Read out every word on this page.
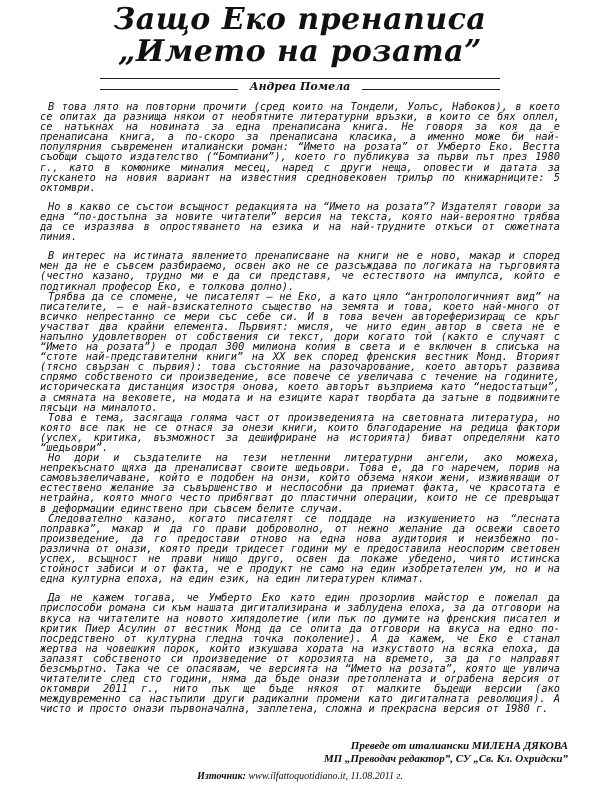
Защо Еко пренаписа
„Името на розата”
Андреа Помела

В това лято на повторни прочити (сред които на Тондели, Уолъс, Набоков), в което се опитах да разнища някои от необятните литературни връзки, в които се бях оплел, се натъкнах на новината за една пренаписана книга. Не говоря за коя да е пренаписана книга, а по-скоро за пренаписана класика, а именно може би най-популярния съвременен италиански роман: “Името на розата” от Умберто Еко. Вестта съобщи същото издателство (“Бомпиани”), което го публикува за първи път през 1980 г., като в комюнике миналия месец, наред с други неща, оповести и датата за пускането на новия вариант на известния средновековен трилър по книжарниците: 5 октомври.

Но в какво се състои всъщност редакцията на “Името на розата”? Издателят говори за една “по-достъпна за новите читатели” версия на текста, която най-вероятно трябва да се изразява в опростяването на езика и на най-трудните откъси от сюжетната линия.

В интерес на истината явлението пренаписване на книги не е ново, макар и според мен да не е съвсем разбираемо, освен ако не се разсъждава по логиката на търговията (честно казано, трудно ми е да си представя, че естеството на импулса, който е подтикнал професор Еко, е толкова долно).

Трябва да се спомене, че писателят – не Еко, а като цяло “антропологичният вид” на писателите, – е най-взискателното същество на земята и това, което най-много от всичко непрестанно се мери със себе си. И в това вечен автореферизиращ се кръг участват два крайни елемента. Първият: мисля, че нито един автор в света не е напълно удовлетворен от собствения си текст, дори когато той (както е случаят с “Името на розата”) е продал 300 милиона копия в света и е включен в списъка на “стоте най-представителни книги” на XX век според френския вестник Монд. Вторият (тясно свързан с първия): това състояние на разочарование, което авторът развива спрямо собственото си произведение, все повече се увеличава с течение на годините, историческата дистанция изостря онова, което авторът възприема като “недостатъци”, а смяната на вековете, на модата и на езиците карат творбата да затъне в подвижните пясъци на миналото.

Това е тема, засягаща голяма част от произведенията на световната литература, но която все пак не се отнася за онези книги, които благодарение на редица фактори (успех, критика, възможност за дешифриране на историята) биват определяни като “шедьоври”.

Но дори и създателите на тези нетленни литературни ангели, ако можеха, непрекъснато щяха да пренаписват своите шедьоври. Това е, да го наречем, порив на самовъзвеличаване, който е подобен на онзи, който обзема някои жени, изживяващи от естествено желание за съвършенство и неспособни да приемат факта, че красотата е нетрайна, която много често прибягват до пластични операции, които не се превръщат в деформации единствено при съвсем белите случаи.

Следователно казано, когато писателят се поддаде на изкушението на “лесната поправка”, макар и да го прави доброволно, от нежно желание да освежи своето произведение, да го предостави отново на една нова аудитория и неизбежно по-различна от онази, която преди тридесет години му е предоставила неоспорим световен успех, всъщност не прави нищо друго, освен да покаже убедено, чиято истинска стойност забиси и от факта, че е продукт не само на един изобретателен ум, но и на една културна епоха, на един език, на един литературен климат.

Да не кажем тогава, че Умберто Еко като един прозорлив майстор е пожелал да приспособи романа си към нашата дигитализирана и заблудена епоха, за да отговори на вкуса на читателите на новото хилядолетие (или пък по думите на френския писател и критик Пиер Асулин от вестник Монд да се опита да отговори на вкуса на едно по-посредствено от културна гледна точка поколение). А да кажем, че Еко е станал жертва на човешкия порок, който изкушава хората на изкуството на всяка епоха, да запазят собственото си произведение от корозията на времето, за да го направят безсмъртно. Така че се опасявам, че версията на “Името на розата”, която ще увлича читателите след сто години, няма да бъде онази претоплената и ограбена версия от октомври 2011 г., нито пък ще бъде някоя от малките бъдещи версии (ако междувременно са настъпили други радикални промени като дигиталната революция). А чисто и просто онази първоначална, заплетена, сложна и прекрасна версия от 1980 г.

Преведе от италиански МИЛЕНА ДЯКОВА
МП „Преводач редактор”, СУ „Св. Кл. Охридски”
Източник: www.ilfattoquotidiano.it, 11.08.2011 г.
